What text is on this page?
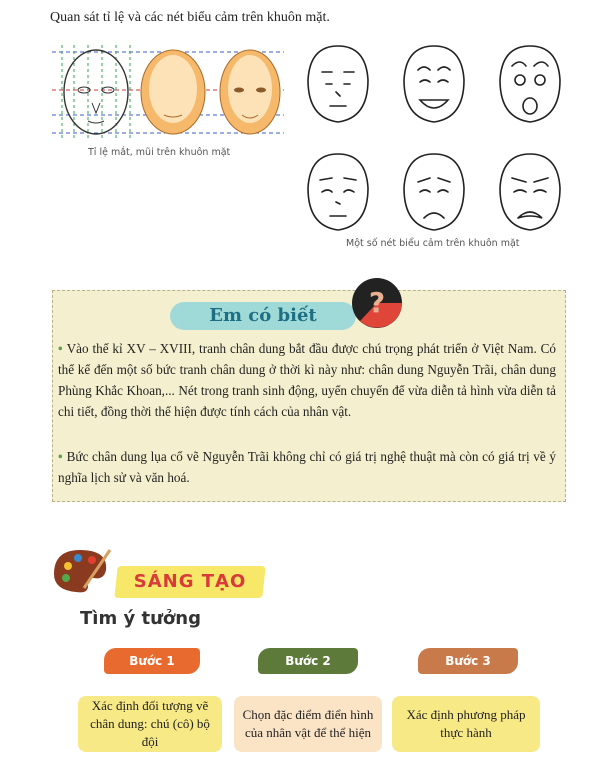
Quan sát tỉ lệ và các nét biểu cảm trên khuôn mặt.
Tỉ lệ mắt, mũi trên khuôn mặt
Một số nét biểu cảm trên khuôn mặt
Em có biết	?
• Vào thế kỉ XV – XVIII, tranh chân dung bắt đầu được chú trọng phát triển ở Việt Nam. Có thể kể đến một số bức tranh chân dung ở thời kì này như: chân dung Nguyễn Trãi, chân dung Phùng Khắc Khoan,... Nét trong tranh sinh động, uyển chuyển để vừa diễn tả hình vừa diễn tả chi tiết, đồng thời thể hiện được tính cách của nhân vật.
• Bức chân dung lụa cổ vẽ Nguyễn Trãi không chỉ có giá trị nghệ thuật mà còn có giá trị về ý nghĩa lịch sử và văn hoá.
SÁNG TẠO
Tìm ý tưởng
Bước 1	Bước 2	Bước 3
Xác định đối tượng vẽ chân dung: chú (cô) bộ đội
Chọn đặc điểm điển hình của nhân vật để thể hiện
Xác định phương pháp thực hành
